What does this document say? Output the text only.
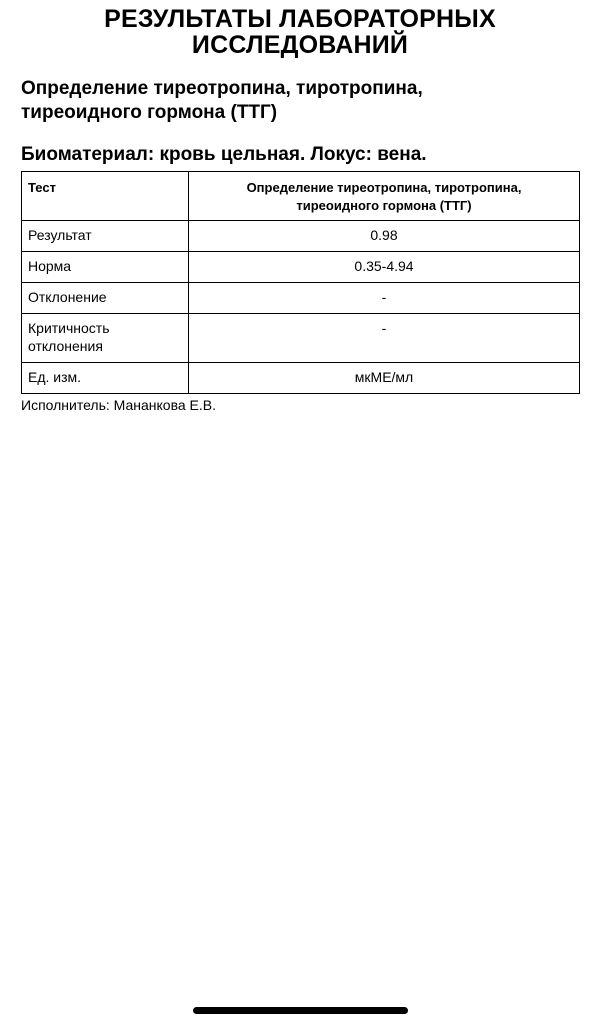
РЕЗУЛЬТАТЫ ЛАБОРАТОРНЫХ
ИССЛЕДОВАНИЙ
Определение тиреотропина, тиротропина,
тиреоидного гормона (ТТГ)

Биоматериал: кровь цельная. Локус: вена.

Тест	Определение тиреотропина, тиротропина,
тиреоидного гормона (ТТГ)

Результат	0.98
Норма	0.35-4.94
Отклонение	-

Критичность
отклонения	-
Ед. изм.	мкМЕ/мл

Исполнитель: Мананкова Е.В.
